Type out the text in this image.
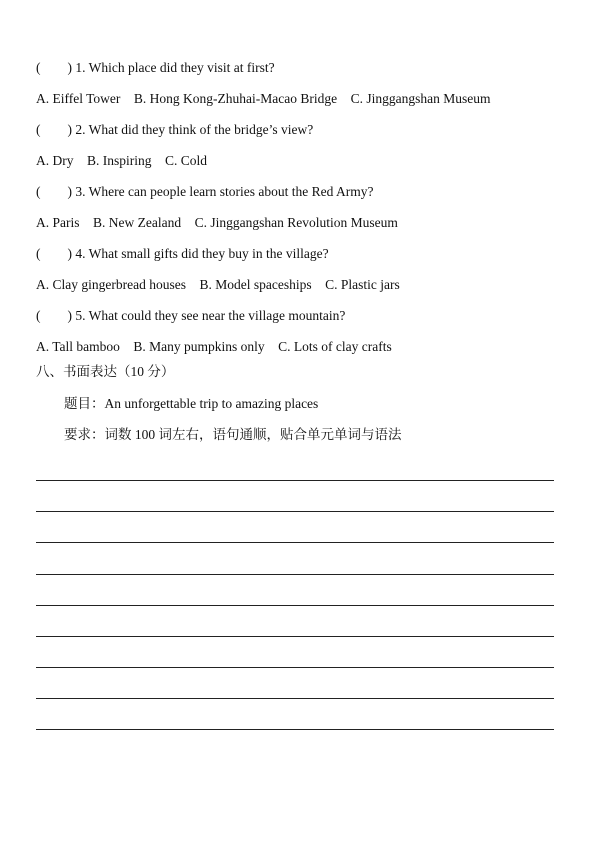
(        ) 1. Which place did they visit at first?
A. Eiffel Tower    B. Hong Kong-Zhuhai-Macao Bridge    C. Jinggangshan Museum
(        ) 2. What did they think of the bridge’s view?
A. Dry    B. Inspiring    C. Cold
(        ) 3. Where can people learn stories about the Red Army?
A. Paris    B. New Zealand    C. Jinggangshan Revolution Museum
(        ) 4. What small gifts did they buy in the village?
A. Clay gingerbread houses    B. Model spaceships    C. Plastic jars
(        ) 5. What could they see near the village mountain?
A. Tall bamboo    B. Many pumpkins only    C. Lots of clay crafts
八、书面表达（10 分）
题目：An unforgettable trip to amazing places
要求：词数 100 词左右，语句通顺，贴合单元单词与语法
